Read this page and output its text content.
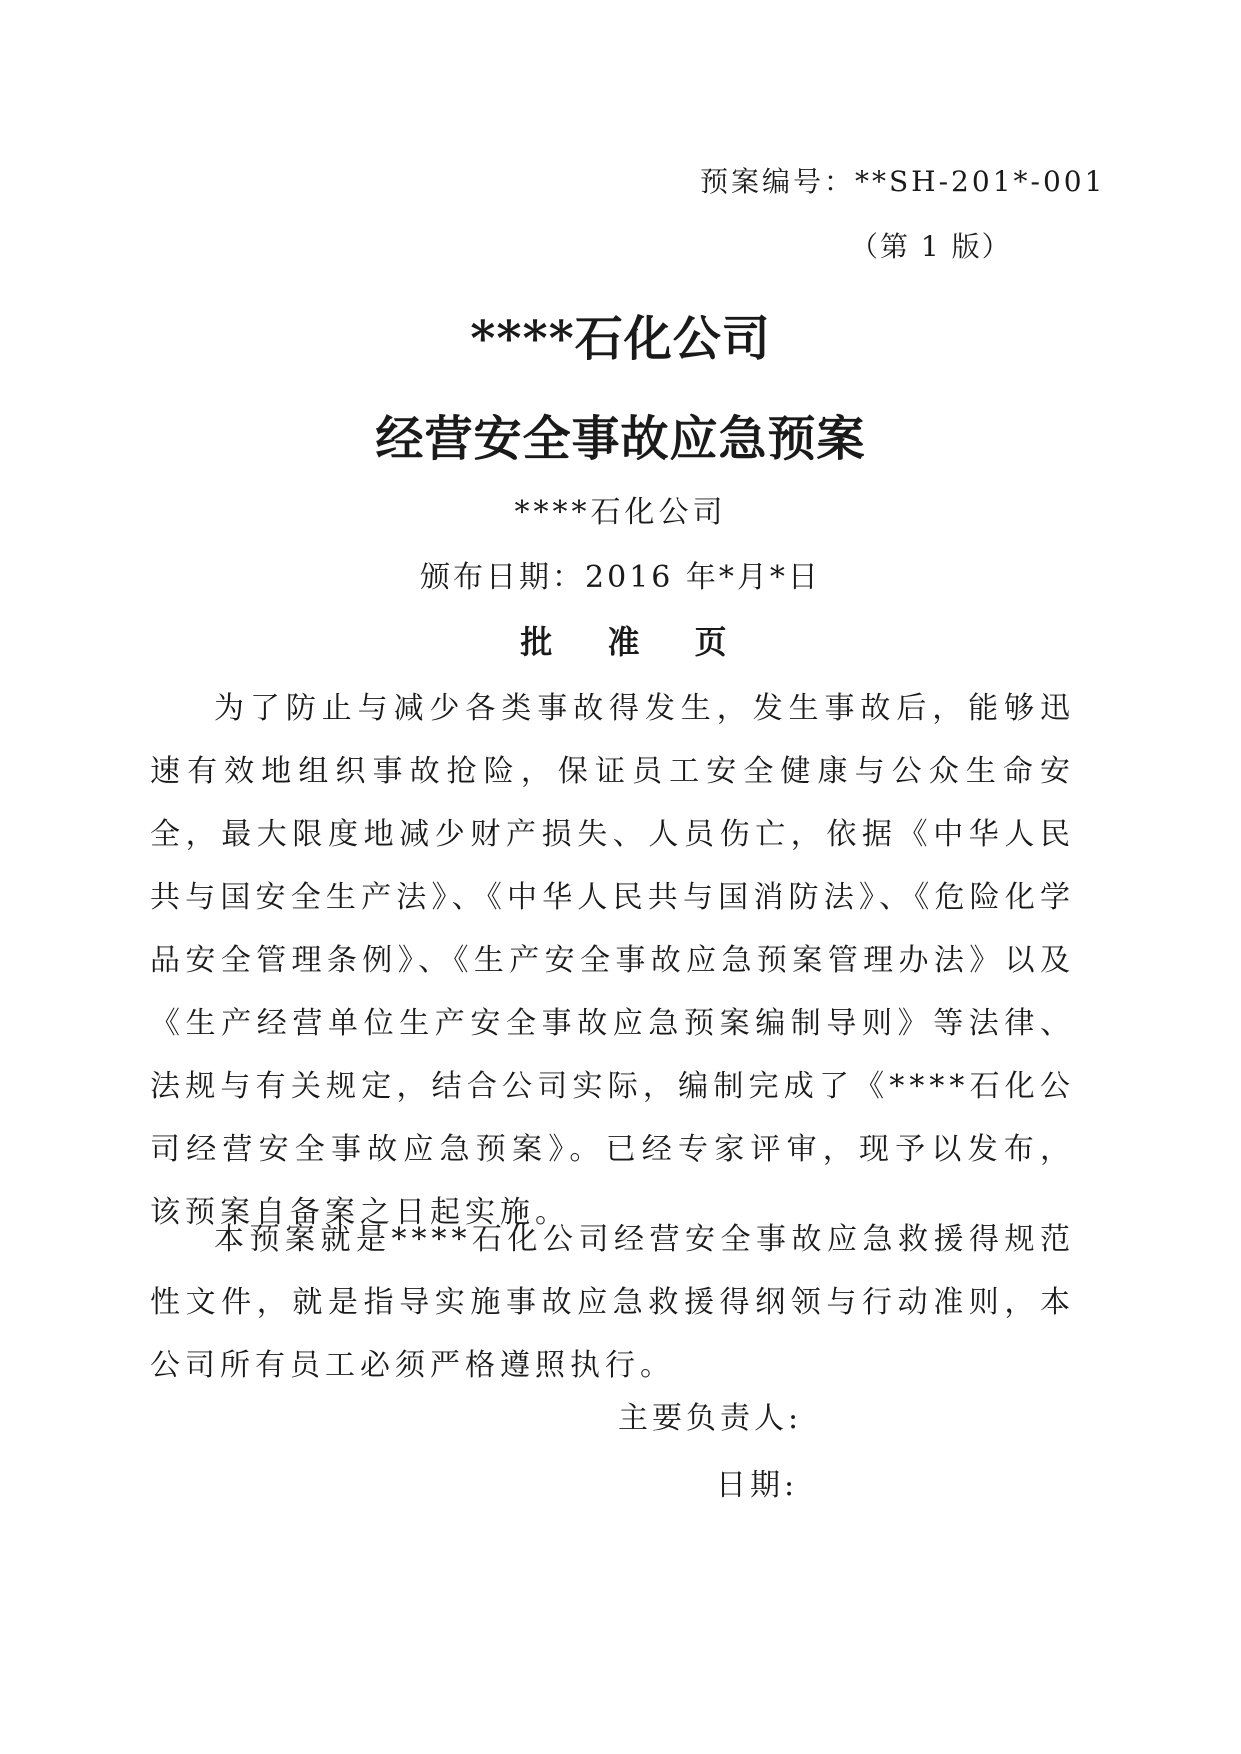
预案编号：**SH-201*-001
（第 1 版）
****石化公司
经营安全事故应急预案
****石化公司
颁布日期：2016 年*月*日
批 准 页

为了防止与减少各类事故得发生，发生事故后，能够迅速有效地组织事故抢险，保证员工安全健康与公众生命安全，最大限度地减少财产损失、人员伤亡，依据《中华人民共与国安全生产法》、《中华人民共与国消防法》、《危险化学品安全管理条例》、《生产安全事故应急预案管理办法》以及《生产经营单位生产安全事故应急预案编制导则》等法律、法规与有关规定，结合公司实际，编制完成了《****石化公司经营安全事故应急预案》。已经专家评审，现予以发布，该预案自备案之日起实施。

本预案就是****石化公司经营安全事故应急救援得规范性文件，就是指导实施事故应急救援得纲领与行动准则，本公司所有员工必须严格遵照执行。

主要负责人:
日期:
